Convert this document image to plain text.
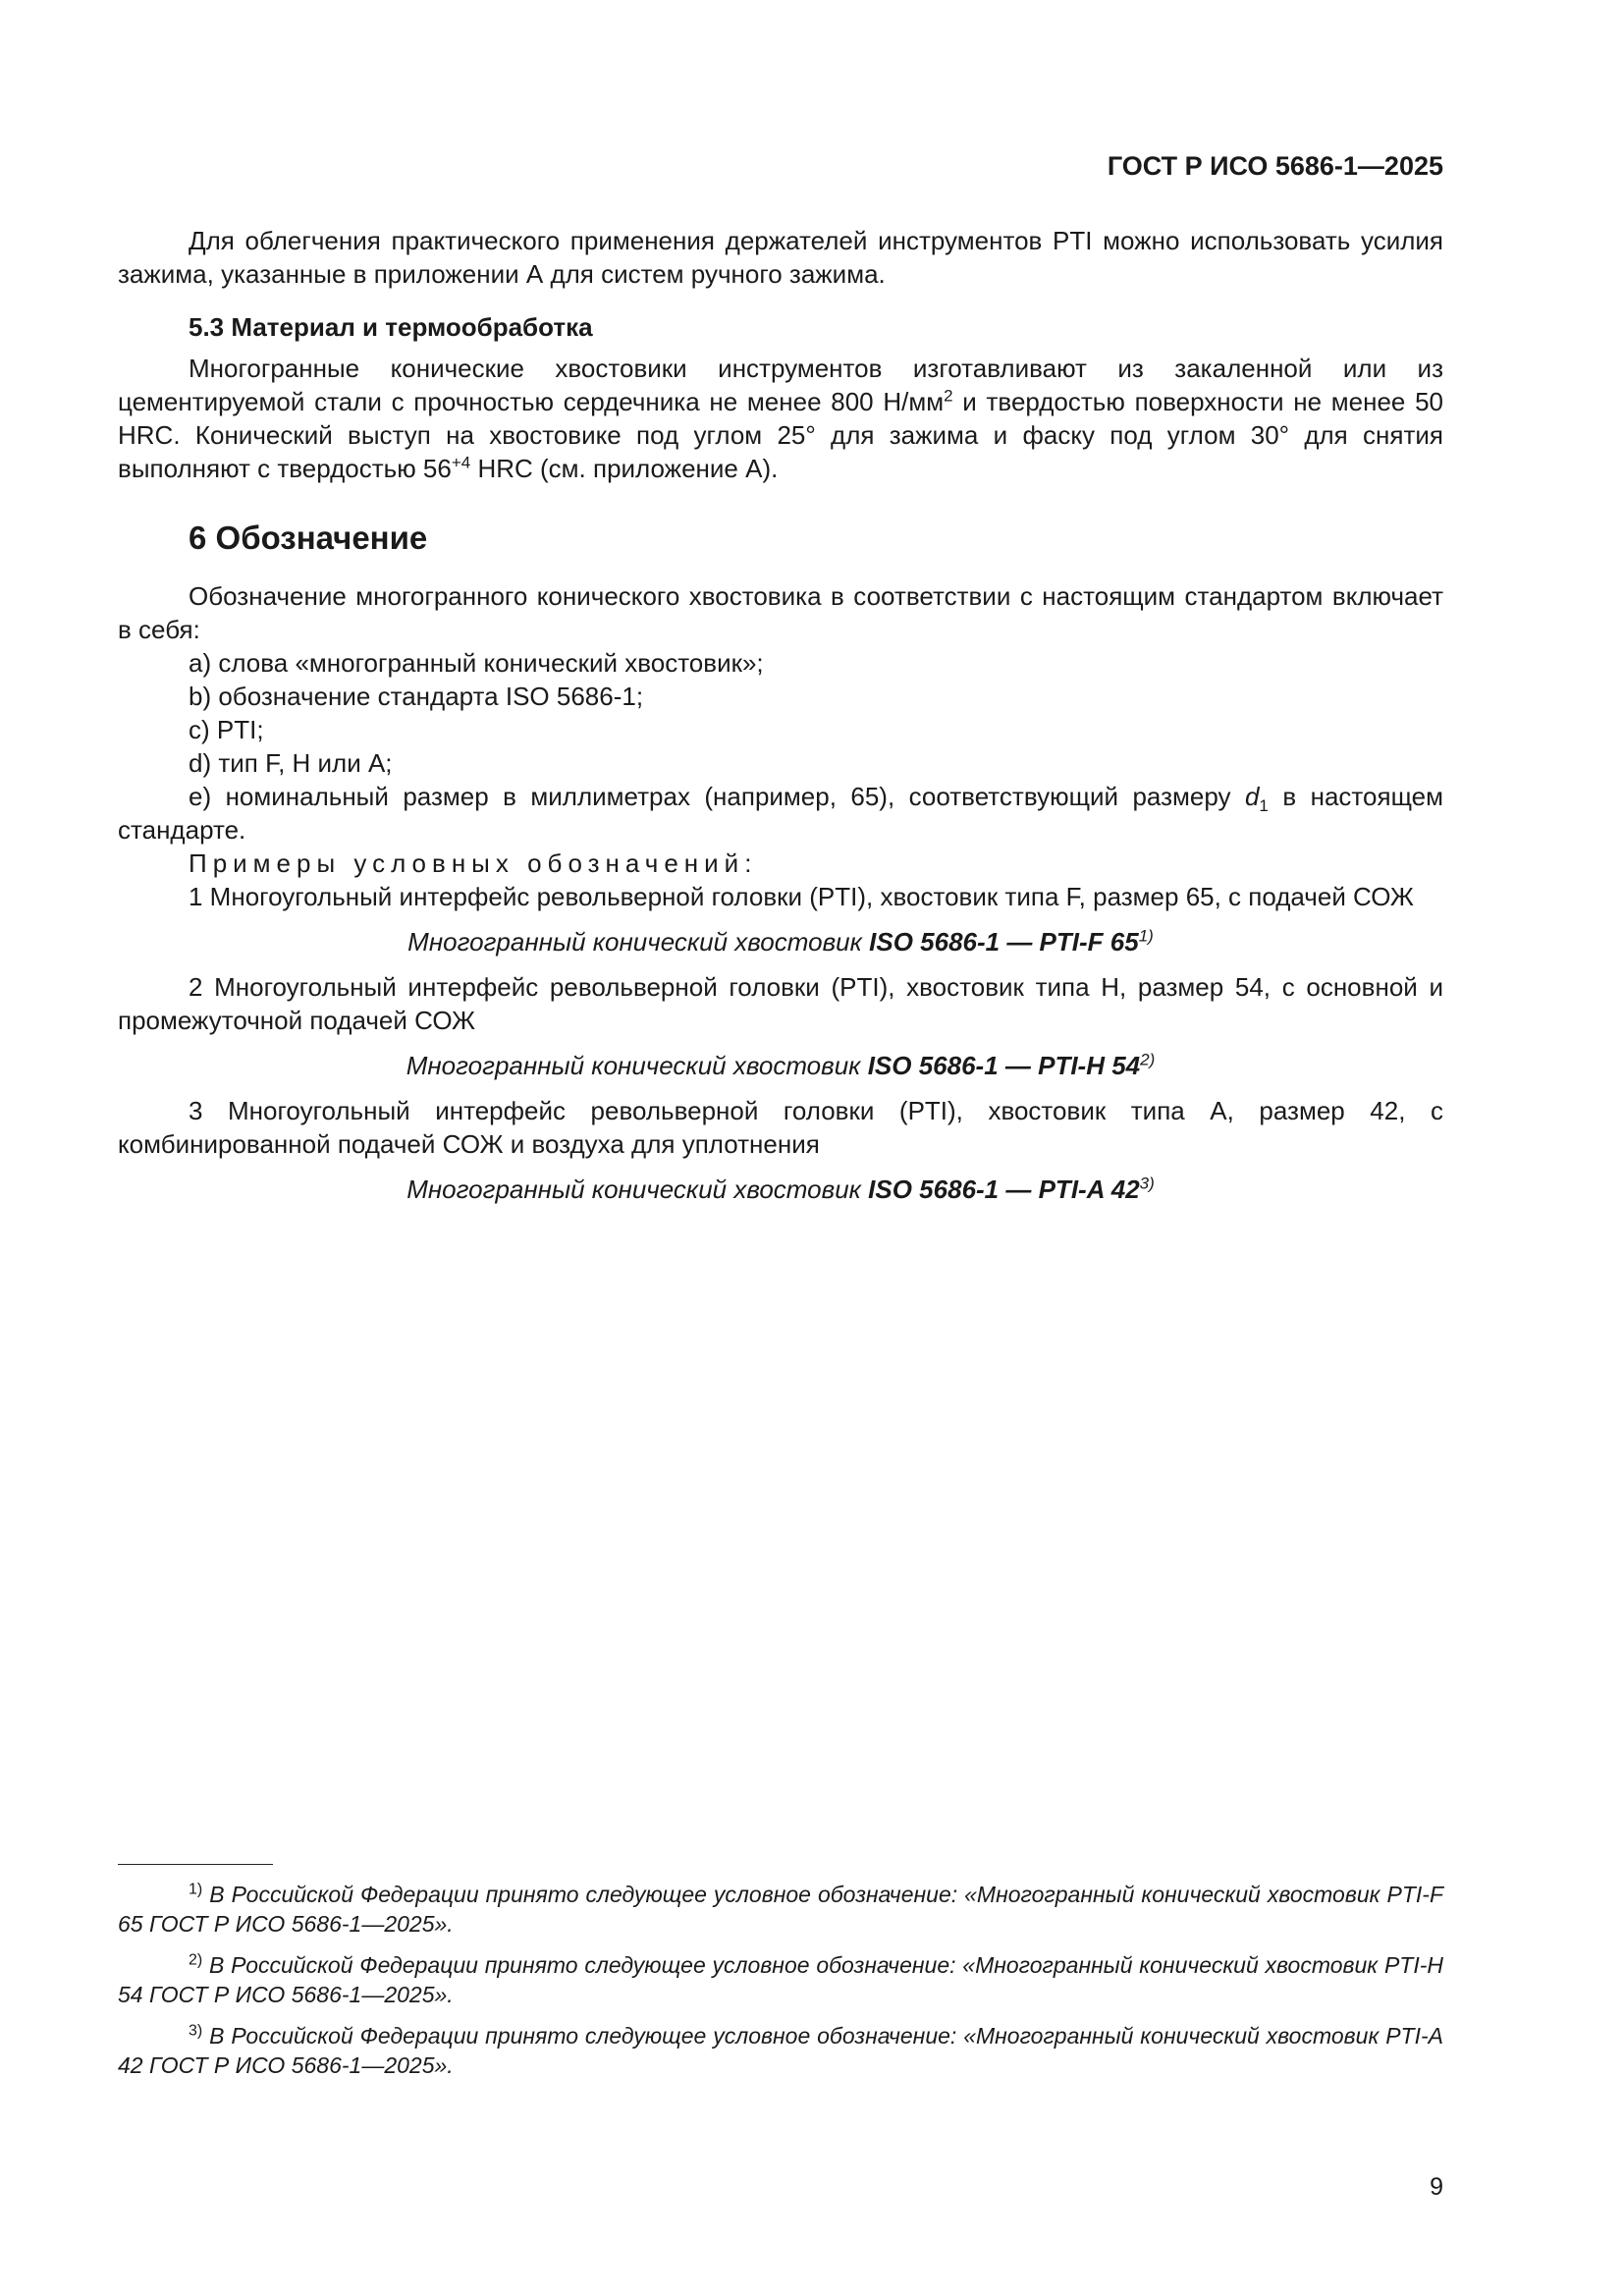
ГОСТ Р ИСО 5686-1—2025

Для облегчения практического применения держателей инструментов PTI можно использовать усилия зажима, указанные в приложении А для систем ручного зажима.

5.3 Материал и термообработка

Многогранные конические хвостовики инструментов изготавливают из закаленной или из цементируемой стали с прочностью сердечника не менее 800 $Н/мм^2$ и твердостью поверхности не менее 50 HRC. Конический выступ на хвостовике под углом 25° для зажима и фаску под углом 30° для снятия выполняют с твердостью $56^{+4}$ HRC (см. приложение А).

6 Обозначение

Обозначение многогранного конического хвостовика в соответствии с настоящим стандартом включает в себя:

a) слова «многогранный конический хвостовик»;

b) обозначение стандарта ISO 5686-1;

c) PTI;

d) тип F, H или A;

e) номинальный размер в миллиметрах (например, 65), соответствующий размеру $d_1$ в настоящем стандарте.

Примеры условных обозначений:

1 Многоугольный интерфейс револьверной головки (PTI), хвостовик типа F, размер 65, с подачей СОЖ

Многогранный конический хвостовик ISO 5686-1 — PTI-F 65$^{1)}$

2 Многоугольный интерфейс револьверной головки (PTI), хвостовик типа H, размер 54, с основной и промежуточной подачей СОЖ

Многогранный конический хвостовик ISO 5686-1 — PTI-H 54$^{2)}$

3 Многоугольный интерфейс револьверной головки (PTI), хвостовик типа A, размер 42, с комбинированной подачей СОЖ и воздуха для уплотнения

Многогранный конический хвостовик ISO 5686-1 — PTI-A 42$^{3)}$

$^{1)}$ В Российской Федерации принято следующее условное обозначение: «Многогранный конический хвостовик PTI-F 65 ГОСТ Р ИСО 5686-1—2025».

$^{2)}$ В Российской Федерации принято следующее условное обозначение: «Многогранный конический хвостовик PTI-H 54 ГОСТ Р ИСО 5686-1—2025».

$^{3)}$ В Российской Федерации принято следующее условное обозначение: «Многогранный конический хвостовик PTI-A 42 ГОСТ Р ИСО 5686-1—2025».

9
